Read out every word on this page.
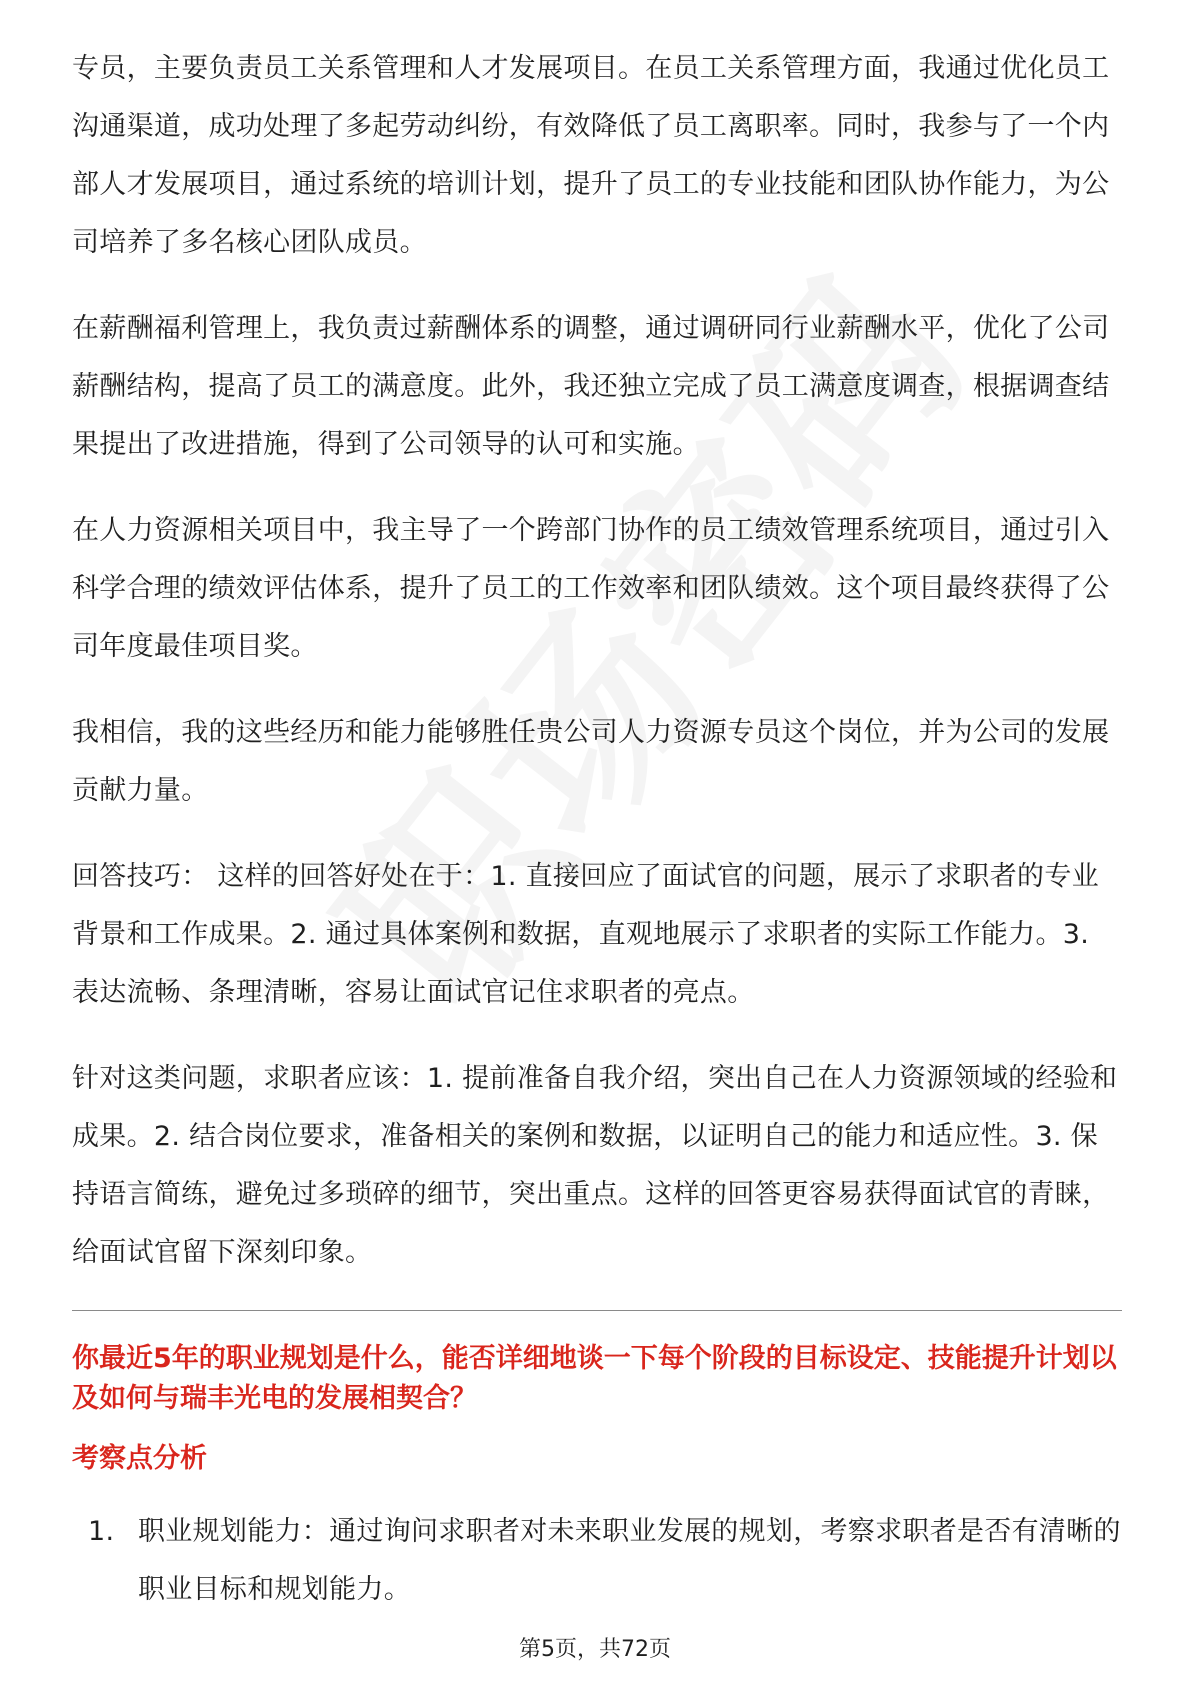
专员，主要负责员工关系管理和人才发展项目。在员工关系管理方面，我通过优化员工沟通渠道，成功处理了多起劳动纠纷，有效降低了员工离职率。同时，我参与了一个内部人才发展项目，通过系统的培训计划，提升了员工的专业技能和团队协作能力，为公司培养了多名核心团队成员。

在薪酬福利管理上，我负责过薪酬体系的调整，通过调研同行业薪酬水平，优化了公司薪酬结构，提高了员工的满意度。此外，我还独立完成了员工满意度调查，根据调查结果提出了改进措施，得到了公司领导的认可和实施。

在人力资源相关项目中，我主导了一个跨部门协作的员工绩效管理系统项目，通过引入科学合理的绩效评估体系，提升了员工的工作效率和团队绩效。这个项目最终获得了公司年度最佳项目奖。

我相信，我的这些经历和能力能够胜任贵公司人力资源专员这个岗位，并为公司的发展贡献力量。

回答技巧： 这样的回答好处在于：1. 直接回应了面试官的问题，展示了求职者的专业背景和工作成果。2. 通过具体案例和数据，直观地展示了求职者的实际工作能力。3. 表达流畅、条理清晰，容易让面试官记住求职者的亮点。

针对这类问题，求职者应该：1. 提前准备自我介绍，突出自己在人力资源领域的经验和成果。2. 结合岗位要求，准备相关的案例和数据，以证明自己的能力和适应性。3. 保持语言简练，避免过多琐碎的细节，突出重点。这样的回答更容易获得面试官的青睐，给面试官留下深刻印象。

你最近5年的职业规划是什么，能否详细地谈一下每个阶段的目标设定、技能提升计划以及如何与瑞丰光电的发展相契合？
考察点分析
1. 职业规划能力：通过询问求职者对未来职业发展的规划，考察求职者是否有清晰的职业目标和规划能力。
第5页，共72页
